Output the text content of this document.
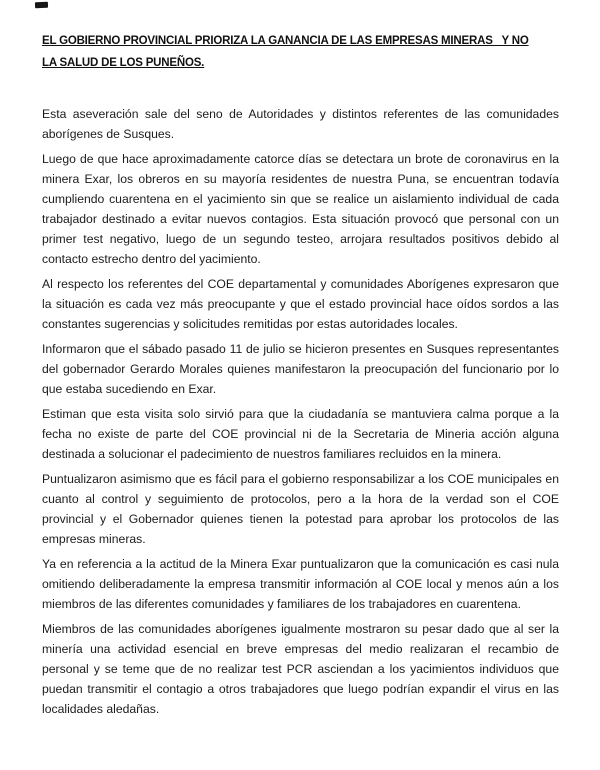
EL GOBIERNO PROVINCIAL PRIORIZA LA GANANCIA DE LAS EMPRESAS MINERAS   Y NO
LA SALUD DE LOS PUNEÑOS.

Esta aseveración sale del seno de Autoridades y distintos referentes de las comunidades aborígenes de Susques.

Luego de que hace aproximadamente catorce días se detectara un brote de coronavirus en la minera Exar, los obreros en su mayoría residentes de nuestra Puna, se encuentran todavía cumpliendo cuarentena en el yacimiento sin que se realice un aislamiento individual de cada trabajador destinado a evitar nuevos contagios. Esta situación provocó que personal con un primer test negativo, luego de un segundo testeo, arrojara resultados positivos debido al contacto estrecho dentro del yacimiento.

Al respecto los referentes del COE departamental y comunidades Aborígenes expresaron que la situación es cada vez más preocupante y que el estado provincial hace oídos sordos a las constantes sugerencias y solicitudes remitidas por estas autoridades locales.

Informaron que el sábado pasado 11 de julio se hicieron presentes en Susques representantes del gobernador Gerardo Morales quienes manifestaron la preocupación del funcionario por lo que estaba sucediendo en Exar.

Estiman que esta visita solo sirvió para que la ciudadanía se mantuviera calma porque a la fecha no existe de parte del COE provincial ni de la Secretaria de Mineria acción alguna destinada a solucionar el padecimiento de nuestros familiares recluidos en la minera.

Puntualizaron asimismo que es fácil para el gobierno responsabilizar a los COE municipales en cuanto al control y seguimiento de protocolos, pero a la hora de la verdad son el COE provincial y el Gobernador quienes tienen la potestad para aprobar los protocolos de las empresas mineras.

Ya en referencia a la actitud de la Minera Exar puntualizaron que la comunicación es casi nula omitiendo deliberadamente la empresa transmitir información al COE local y menos aún a los miembros de las diferentes comunidades y familiares de los trabajadores en cuarentena.

Miembros de las comunidades aborígenes igualmente mostraron su pesar dado que al ser la minería una actividad esencial en breve empresas del medio realizaran el recambio de personal y se teme que de no realizar test PCR asciendan a los yacimientos individuos que puedan transmitir el contagio a otros trabajadores que luego podrían expandir el virus en las localidades aledañas.
